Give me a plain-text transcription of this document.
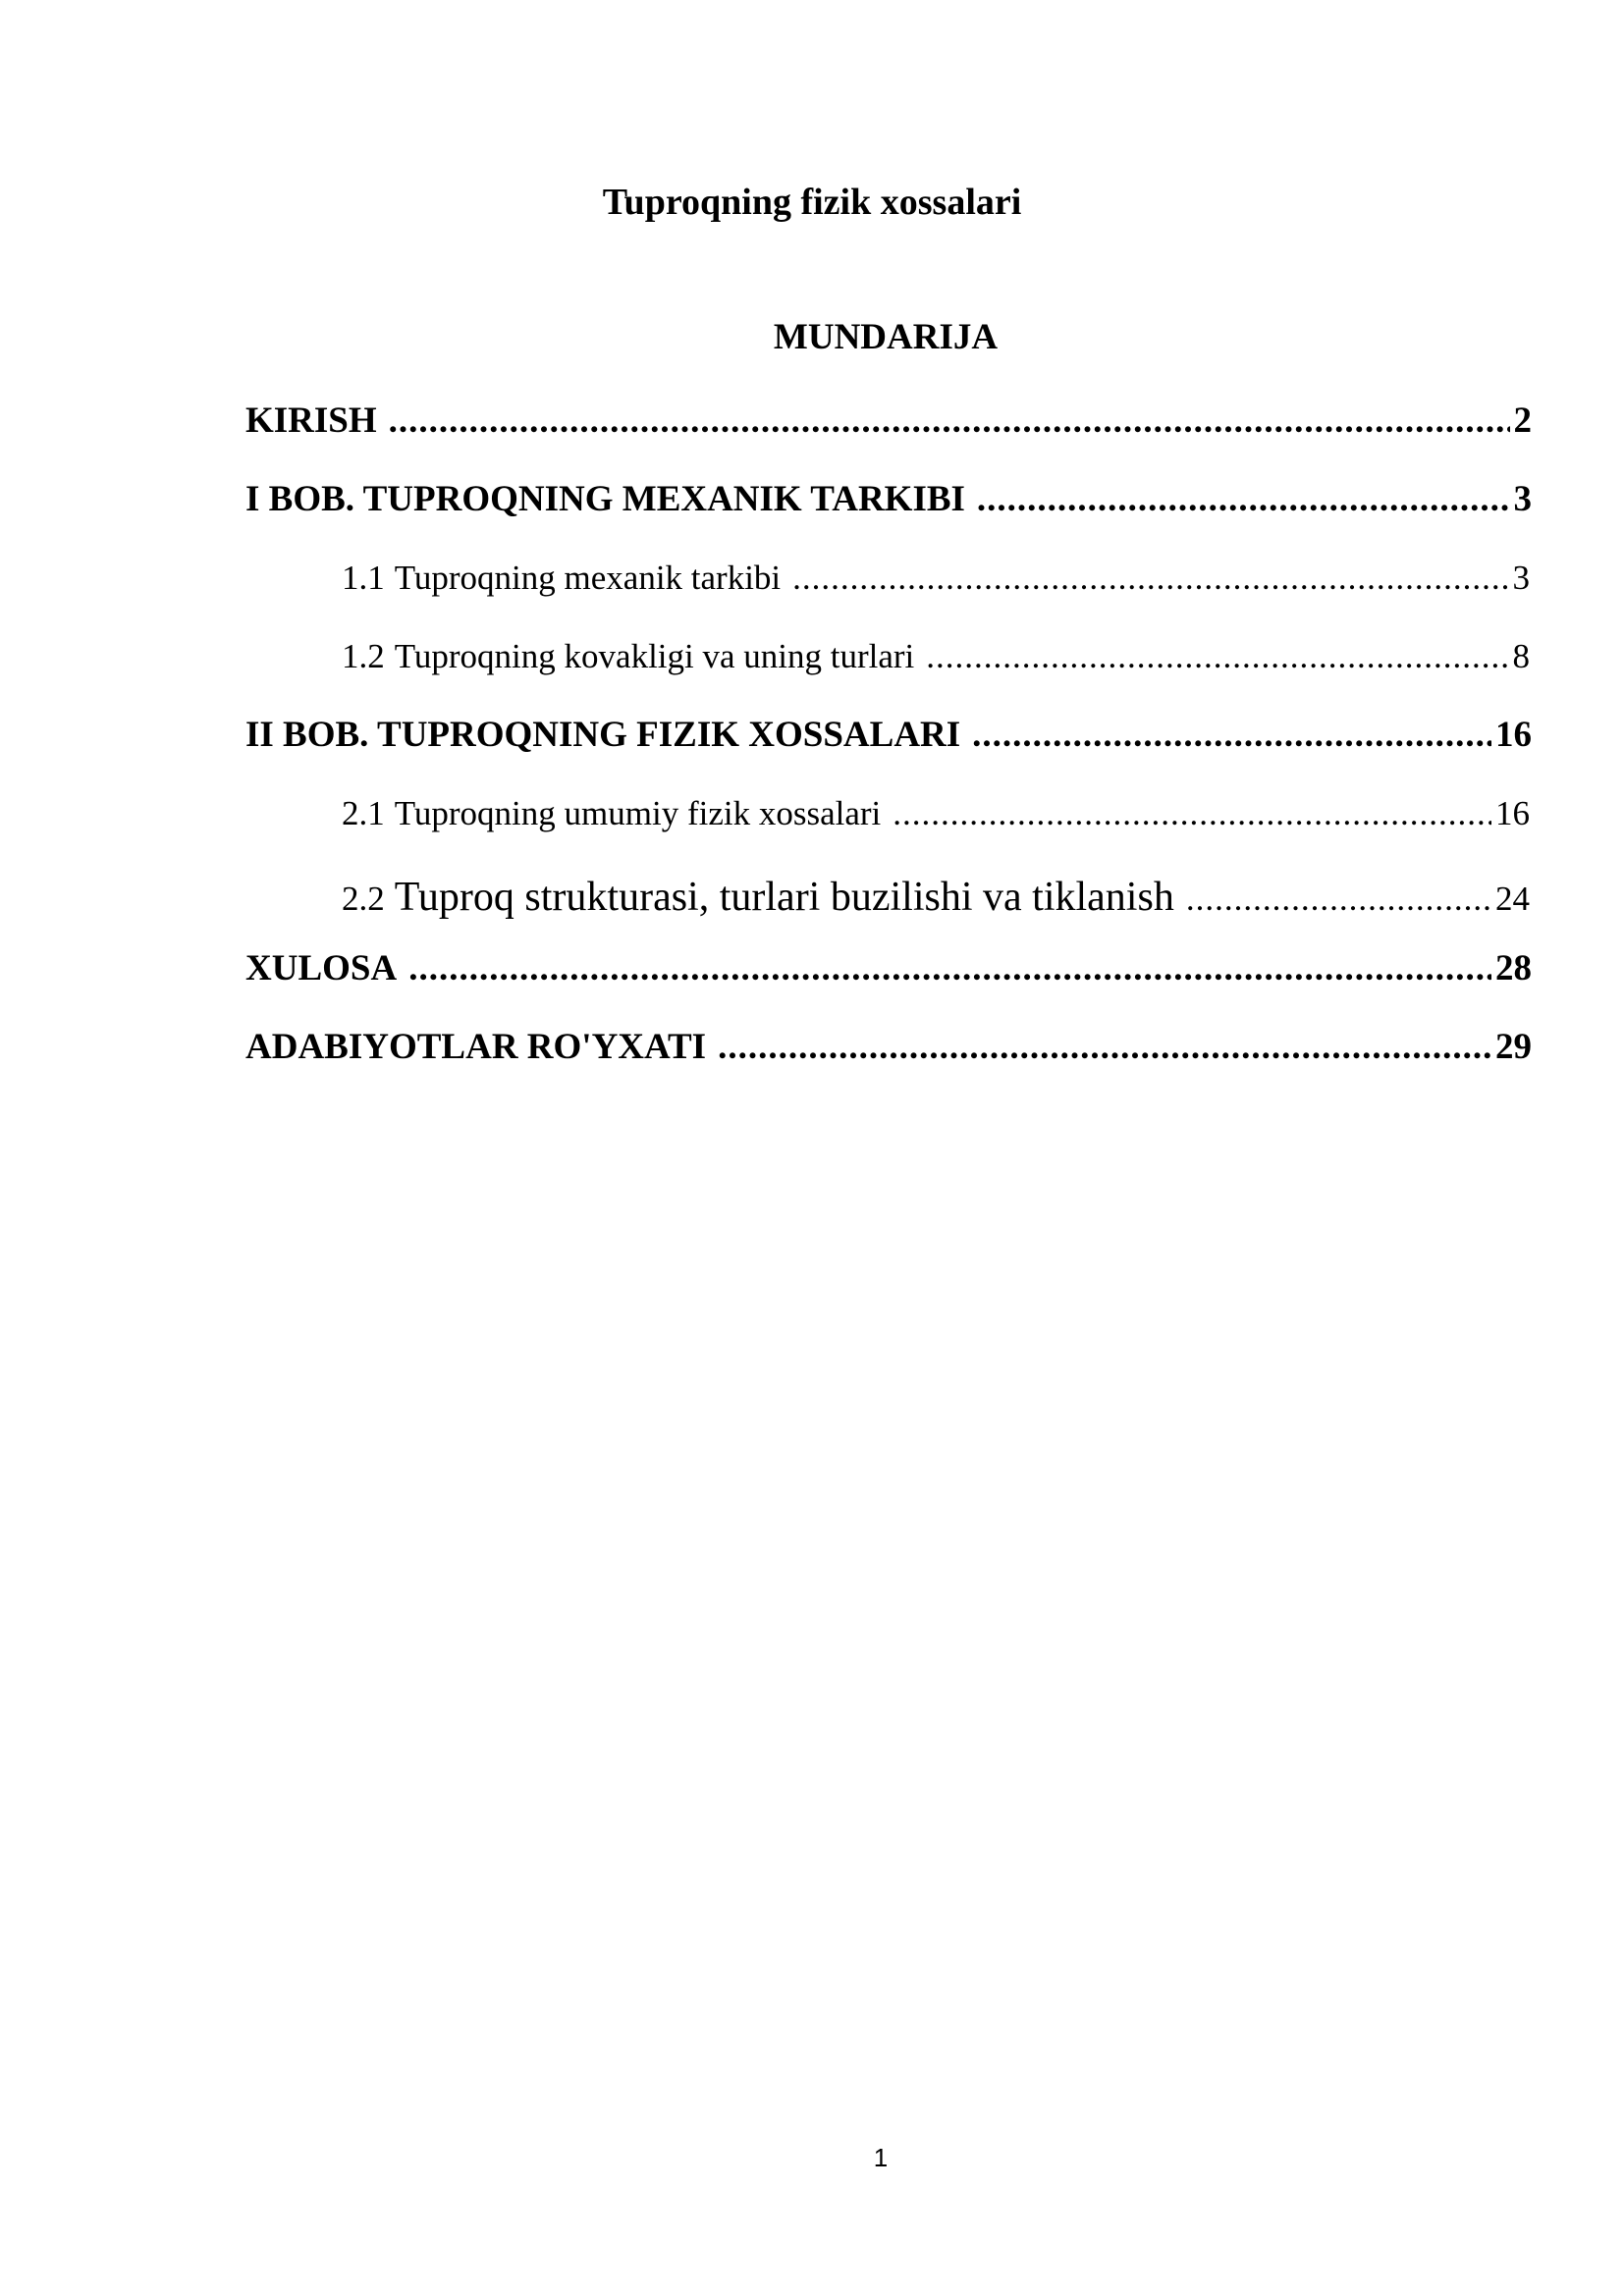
Tuproqning fizik xossalari
MUNDARIJA
KIRISH .....	2
I BOB. TUPROQNING MEXANIK TARKIBI .....	3
1.1 Tuproqning mexanik tarkibi .....	3
1.2 Tuproqning kovakligi va uning turlari .....	8
II BOB. TUPROQNING FIZIK XOSSALARI .....	16
2.1 Tuproqning umumiy fizik xossalari .....	16
2.2 Tuproq strukturasi, turlari buzilishi va tiklanish .....	24
XULOSA .....	28
ADABIYOTLAR RO'YXATI .....	29
1
